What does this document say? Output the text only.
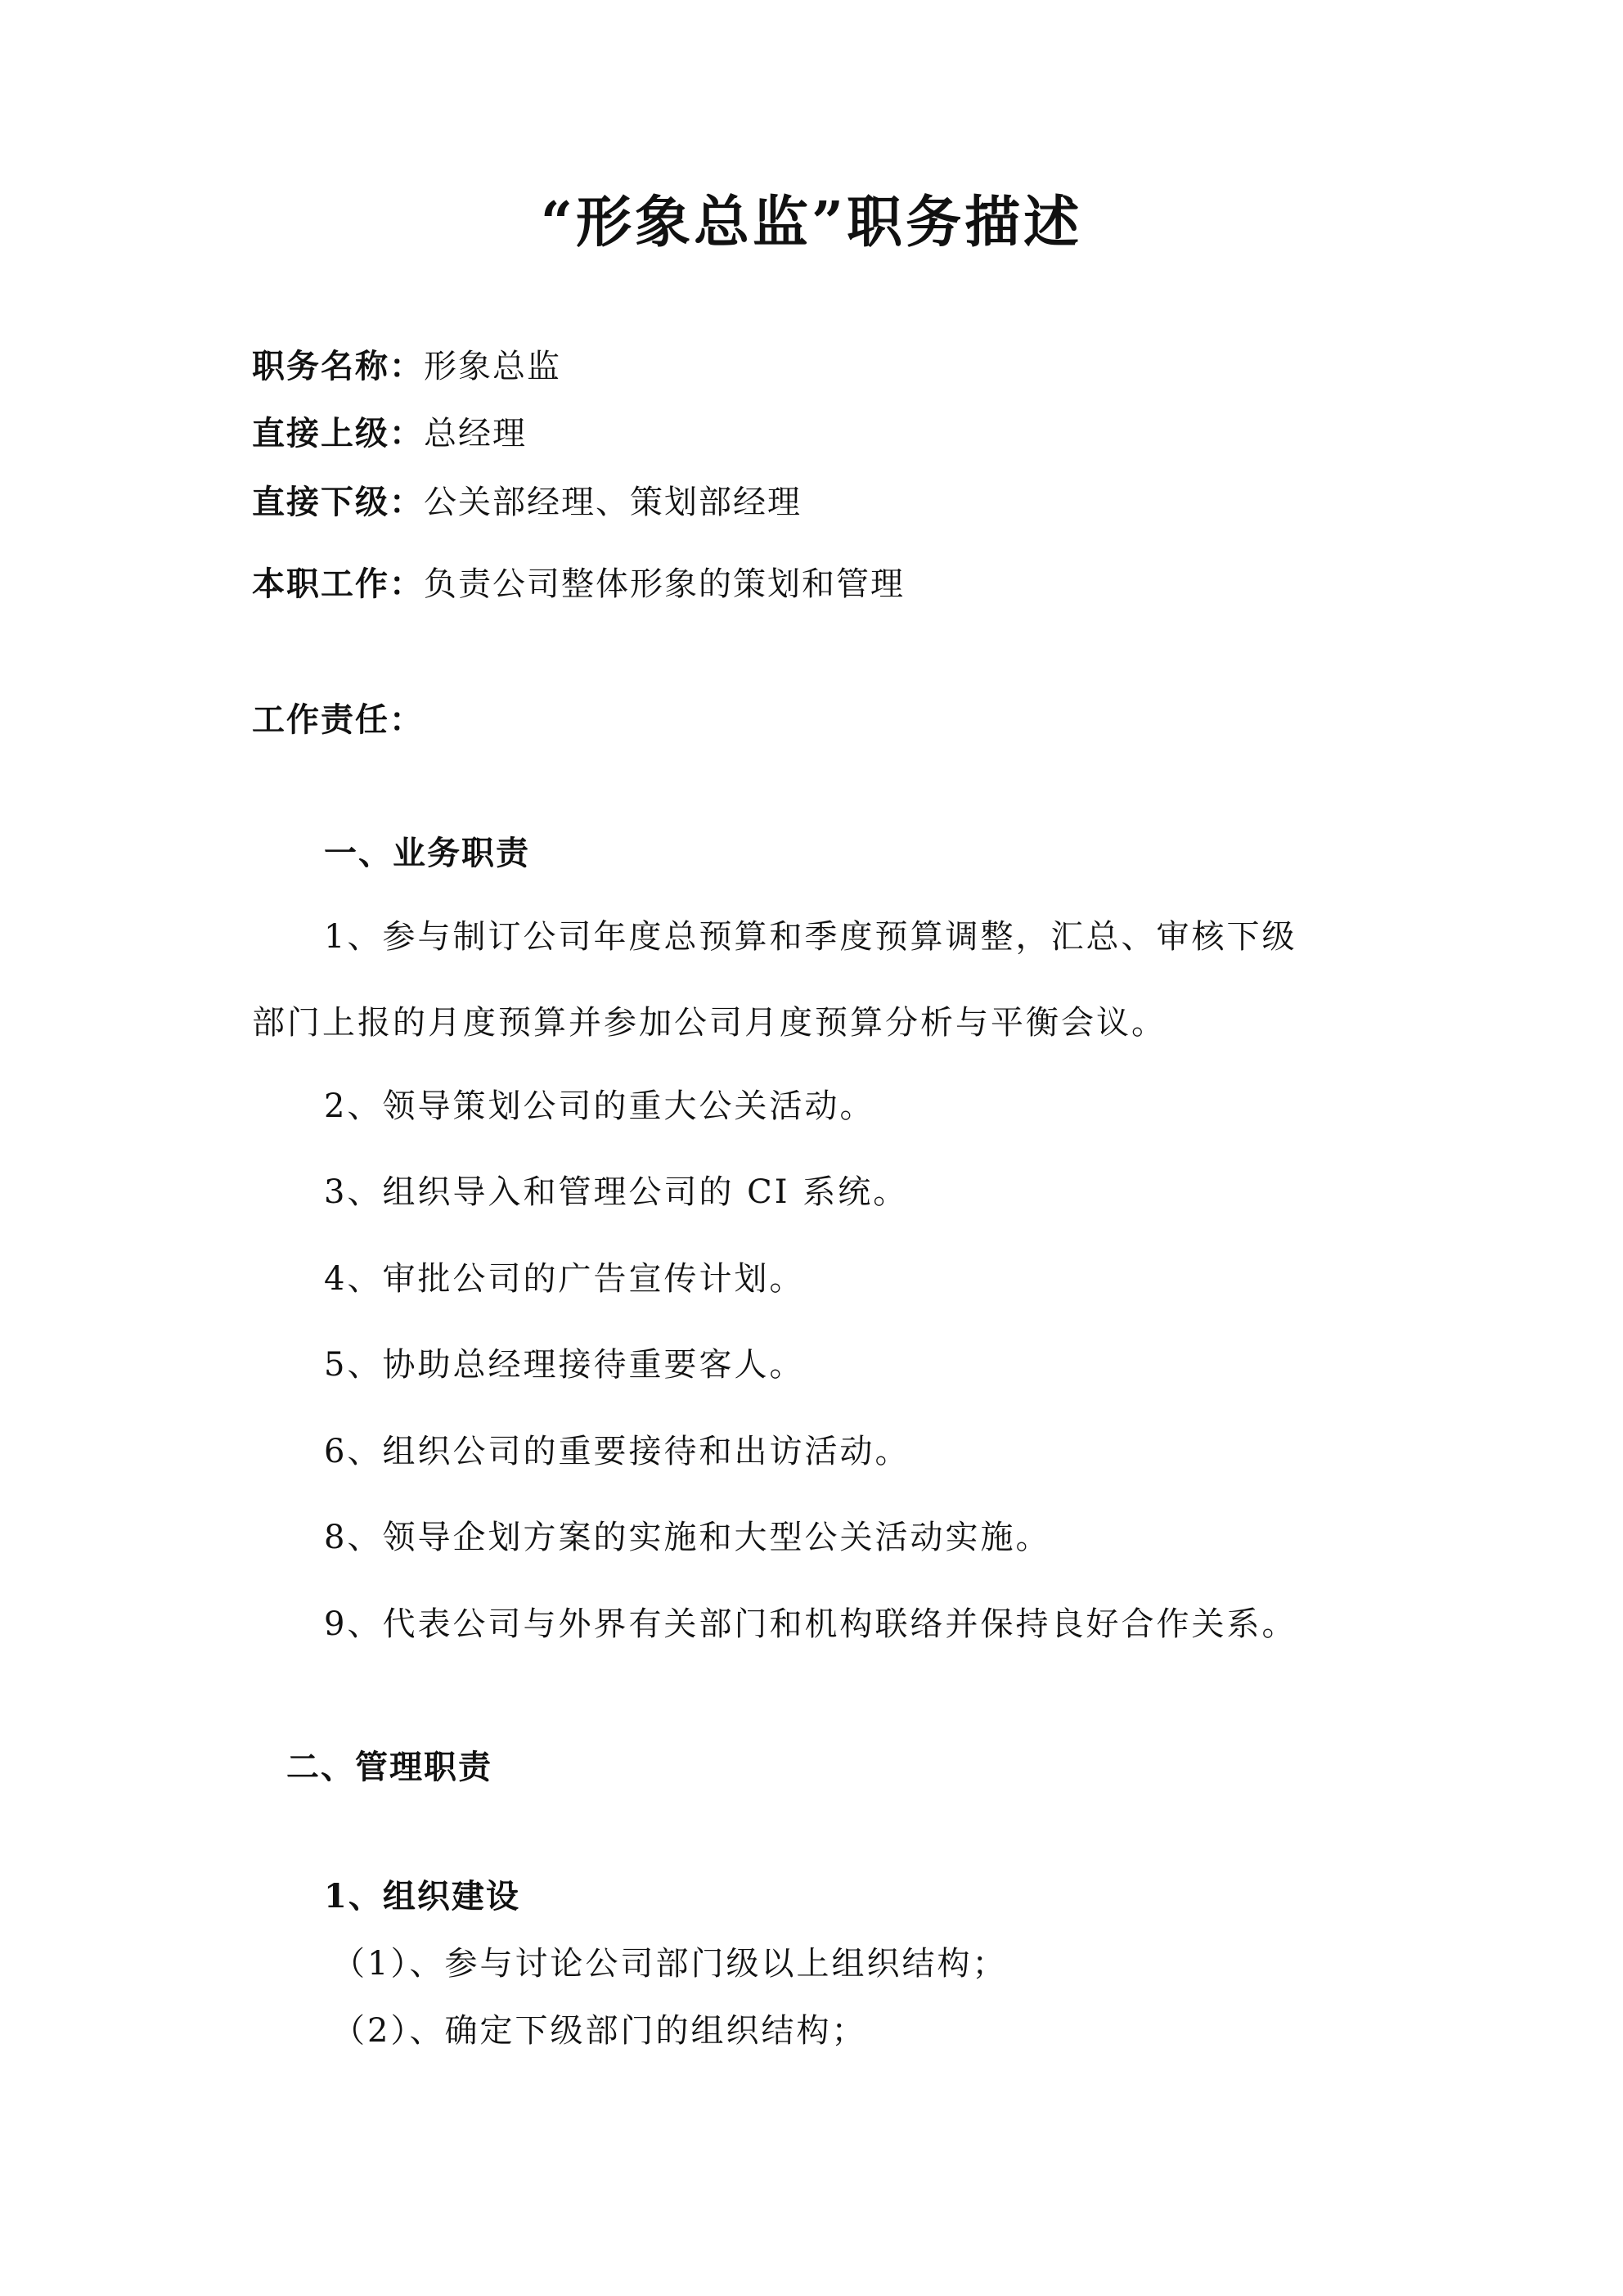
“形象总监”职务描述
职务名称：形象总监
直接上级：总经理
直接下级：公关部经理、策划部经理
本职工作：负责公司整体形象的策划和管理
工作责任：
一、业务职责
1、参与制订公司年度总预算和季度预算调整，汇总、审核下级
部门上报的月度预算并参加公司月度预算分析与平衡会议。
2、领导策划公司的重大公关活动。
3、组织导入和管理公司的 CI 系统。
4、审批公司的广告宣传计划。
5、协助总经理接待重要客人。
6、组织公司的重要接待和出访活动。
8、领导企划方案的实施和大型公关活动实施。
9、代表公司与外界有关部门和机构联络并保持良好合作关系。
二、管理职责
1、组织建设
（1）、参与讨论公司部门级以上组织结构；
（2）、确定下级部门的组织结构；
